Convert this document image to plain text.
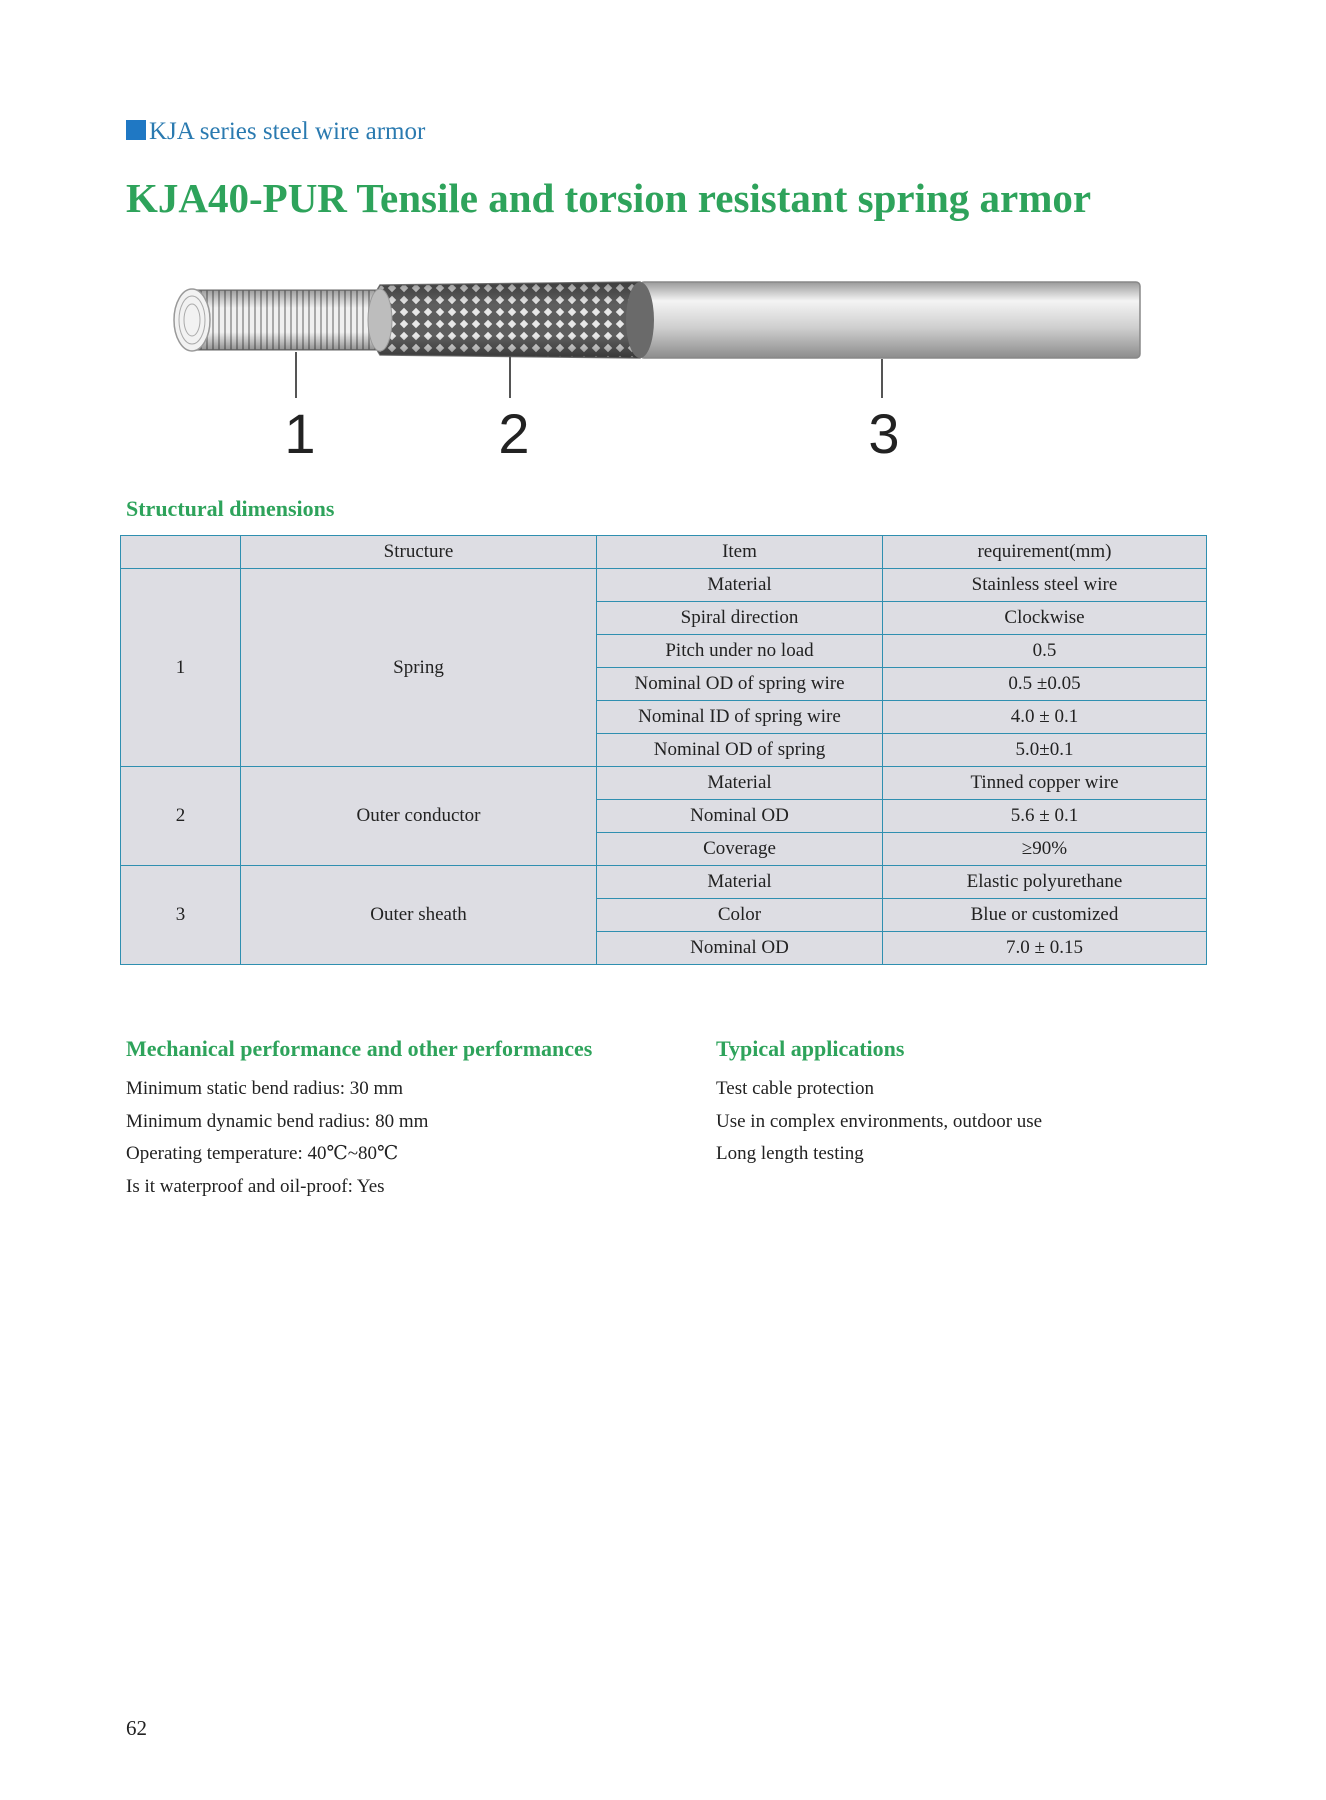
KJA series steel wire armor
KJA40-PUR Tensile and torsion resistant spring armor
1	2	3
Structural dimensions
	Structure	Item	requirement(mm)
1	Spring	Material	Stainless steel wire
		Spiral direction	Clockwise
		Pitch under no load	0.5
		Nominal OD of spring wire	0.5 ±0.05
		Nominal ID of spring wire	4.0 ± 0.1
		Nominal OD of spring	5.0±0.1
2	Outer conductor	Material	Tinned copper wire
		Nominal OD	5.6 ± 0.1
		Coverage	≥90%
3	Outer sheath	Material	Elastic polyurethane
		Color	Blue or customized
		Nominal OD	7.0 ± 0.15
Mechanical performance and other performances
Minimum static bend radius: 30 mm
Minimum dynamic bend radius: 80 mm
Operating temperature: 40℃~80℃
Is it waterproof and oil-proof: Yes
Typical applications
Test cable protection
Use in complex environments, outdoor use
Long length testing
62
